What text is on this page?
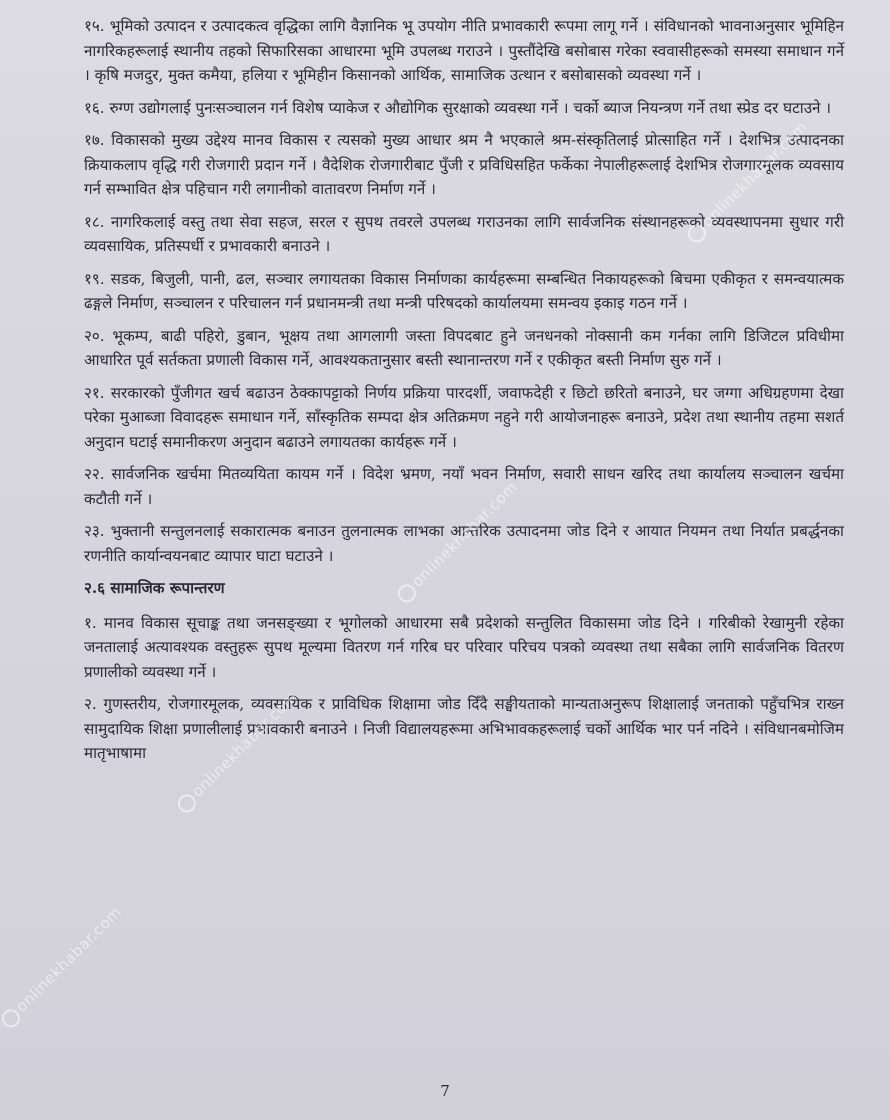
१५. भूमिको उत्पादन र उत्पादकत्व वृद्धिका लागि वैज्ञानिक भू उपयोग नीति प्रभावकारी रूपमा लागू गर्ने । संविधानको भावनाअनुसार भूमिहिन नागरिकहरूलाई स्थानीय तहको सिफारिसका आधारमा भूमि उपलब्ध गराउने । पुस्तौंदेखि बसोबास गरेका स्ववासीहरूको समस्या समाधान गर्ने । कृषि मजदुर, मुक्त कमैया, हलिया र भूमिहीन किसानको आर्थिक, सामाजिक उत्थान र बसोबासको व्यवस्था गर्ने ।

१६. रुग्ण उद्योगलाई पुनःसञ्चालन गर्न विशेष प्याकेज र औद्योगिक सुरक्षाको व्यवस्था गर्ने । चर्को ब्याज नियन्त्रण गर्ने तथा स्प्रेड दर घटाउने ।

१७. विकासको मुख्य उद्देश्य मानव विकास र त्यसको मुख्य आधार श्रम नै भएकाले श्रम-संस्कृतिलाई प्रोत्साहित गर्ने । देशभित्र उत्पादनका क्रियाकलाप वृद्धि गरी रोजगारी प्रदान गर्ने । वैदेशिक रोजगारीबाट पुँजी र प्रविधिसहित फर्केका नेपालीहरूलाई देशभित्र रोजगारमूलक व्यवसाय गर्न सम्भावित क्षेत्र पहिचान गरी लगानीको वातावरण निर्माण गर्ने ।

१८. नागरिकलाई वस्तु तथा सेवा सहज, सरल र सुपथ तवरले उपलब्ध गराउनका लागि सार्वजनिक संस्थानहरूको व्यवस्थापनमा सुधार गरी व्यवसायिक, प्रतिस्पर्धी र प्रभावकारी बनाउने ।

१९. सडक, बिजुली, पानी, ढल, सञ्चार लगायतका विकास निर्माणका कार्यहरूमा सम्बन्धित निकायहरूको बिचमा एकीकृत र समन्वयात्मक ढङ्गले निर्माण, सञ्चालन र परिचालन गर्न प्रधानमन्त्री तथा मन्त्री परिषदको कार्यालयमा समन्वय इकाइ गठन गर्ने ।

२०. भूकम्प, बाढी पहिरो, डुबान, भूक्षय तथा आगलागी जस्ता विपदबाट हुने जनधनको नोक्सानी कम गर्नका लागि डिजिटल प्रविधीमा आधारित पूर्व सर्तकता प्रणाली विकास गर्ने, आवश्यकतानुसार बस्ती स्थानान्तरण गर्ने र एकीकृत बस्ती निर्माण सुरु गर्ने ।

२१. सरकारको पुँजीगत खर्च बढाउन ठेक्कापट्टाको निर्णय प्रक्रिया पारदर्शी, जवाफदेही र छिटो छरितो बनाउने, घर जग्गा अधिग्रहणमा देखा परेका मुआब्जा विवादहरू समाधान गर्ने, साँस्कृतिक सम्पदा क्षेत्र अतिक्रमण नहुने गरी आयोजनाहरू बनाउने, प्रदेश तथा स्थानीय तहमा सशर्त अनुदान घटाई समानीकरण अनुदान बढाउने लगायतका कार्यहरू गर्ने ।

२२. सार्वजनिक खर्चमा मितव्ययिता कायम गर्ने । विदेश भ्रमण, नयाँ भवन निर्माण, सवारी साधन खरिद तथा कार्यालय सञ्चालन खर्चमा कटौती गर्ने ।

२३. भुक्तानी सन्तुलनलाई सकारात्मक बनाउन तुलनात्मक लाभका आन्तरिक उत्पादनमा जोड दिने र आयात नियमन तथा निर्यात प्रबर्द्धनका रणनीति कार्यान्वयनबाट व्यापार घाटा घटाउने ।

२.६ सामाजिक रूपान्तरण

१. मानव विकास सूचाङ्क तथा जनसङ्ख्या र भूगोलको आधारमा सबै प्रदेशको सन्तुलित विकासमा जोड दिने । गरिबीको रेखामुनी रहेका जनतालाई अत्यावश्यक वस्तुहरू सुपथ मूल्यमा वितरण गर्न गरिब घर परिवार परिचय पत्रको व्यवस्था तथा सबैका लागि सार्वजनिक वितरण प्रणालीको व्यवस्था गर्ने ।

२. गुणस्तरीय, रोजगारमूलक, व्यवसायिक र प्राविधिक शिक्षामा जोड दिँदै सङ्घीयताको मान्यताअनुरूप शिक्षालाई जनताको पहुँचभित्र राख्न सामुदायिक शिक्षा प्रणालीलाई प्रभावकारी बनाउने । निजी विद्यालयहरूमा अभिभावकहरूलाई चर्को आर्थिक भार पर्न नदिने । संविधानबमोजिम मातृभाषामा

onlinekhabar.com
onlinekhabar.com
onlinekhabar.com
onlinekhabar.com
7
